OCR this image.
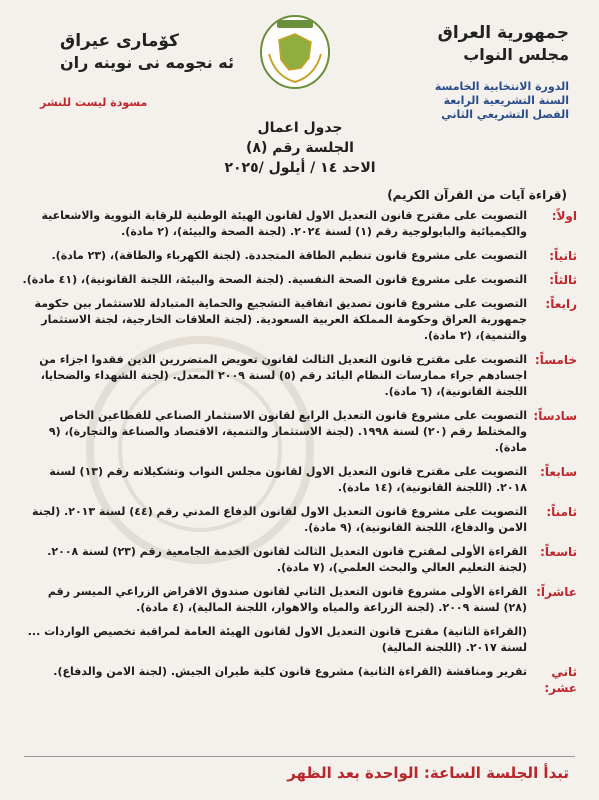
جمهورية العراق
مجلس النواب
الدورة الانتخابية الخامسة
السنة التشريعية الرابعة
الفصل التشريعي الثاني
كۆمارى عيراق
ئه نجومه نى نوينه ران
مسودة ليست للنشر
جدول اعمال
الجلسة رقم (٨)
الاحد ١٤ / أيلول /٢٠٢٥
(قراءة آيات من القرآن الكريم)
اولاً:
التصويت على مقترح قانون التعديل الاول لقانون الهيئة الوطنية للرقابة النووية والاشعاعية والكيميائية والبايولوجية رقم (١) لسنة ٢٠٢٤. (لجنة الصحة والبيئة)، (٢ مادة).
ثانياً:
التصويت على مشروع قانون تنظيم الطاقة المتجددة. (لجنة الكهرباء والطاقة)، (٢٣ مادة).
ثالثاً:
التصويت على مشروع قانون الصحة النفسية. (لجنة الصحة والبيئة، اللجنة القانونية)، (٤١ مادة).
رابعاً:
التصويت على مشروع قانون تصديق اتفاقية التشجيع والحماية المتبادلة للاستثمار بين حكومة جمهورية العراق وحكومة المملكة العربية السعودية. (لجنة العلاقات الخارجية، لجنة الاستثمار والتنمية)، (٢ مادة).
خامساً:
التصويت على مقترح قانون التعديل الثالث لقانون تعويض المتضررين الذين فقدوا اجزاء من اجسادهم جراء ممارسات النظام البائد رقم (٥) لسنة ٢٠٠٩ المعدل. (لجنة الشهداء والضحايا، اللجنة القانونية)، (٦ مادة).
سادساً:
التصويت على مشروع قانون التعديل الرابع لقانون الاستثمار الصناعي للقطاعين الخاص والمختلط رقم (٢٠) لسنة ١٩٩٨. (لجنة الاستثمار والتنمية، الاقتصاد والصناعة والتجارة)، (٩ مادة).
سابعاً:
التصويت على مقترح قانون التعديل الاول لقانون مجلس النواب وتشكيلاته رقم (١٣) لسنة ٢٠١٨. (اللجنة القانونية)، (١٤ مادة).
ثامناً:
التصويت على مشروع قانون التعديل الاول لقانون الدفاع المدني رقم (٤٤) لسنة ٢٠١٣. (لجنة الامن والدفاع، اللجنة القانونية)، (٩ مادة).
تاسعاً:
القراءة الأولى لمقترح قانون التعديل الثالث لقانون الخدمة الجامعية رقم (٢٣) لسنة ٢٠٠٨. (لجنة التعليم العالي والبحث العلمي)، (٧ مادة).
عاشراً:
القراءة الأولى مشروع قانون التعديل الثاني لقانون صندوق الاقراض الزراعي الميسر رقم (٢٨) لسنة ٢٠٠٩. (لجنة الزراعة والمياه والاهوار، اللجنة المالية)، (٤ مادة).
(القراءة الثانية) مقترح قانون التعديل الاول لقانون الهيئة العامة لمراقبة تخصيص الواردات ... لسنة ٢٠١٧. (اللجنة المالية)
ثاني عشر:
تقرير ومناقشة (القراءة الثانية) مشروع قانون كلية طيران الجيش. (لجنة الامن والدفاع).
تبدأ الجلسة الساعة: الواحدة بعد الظهر
